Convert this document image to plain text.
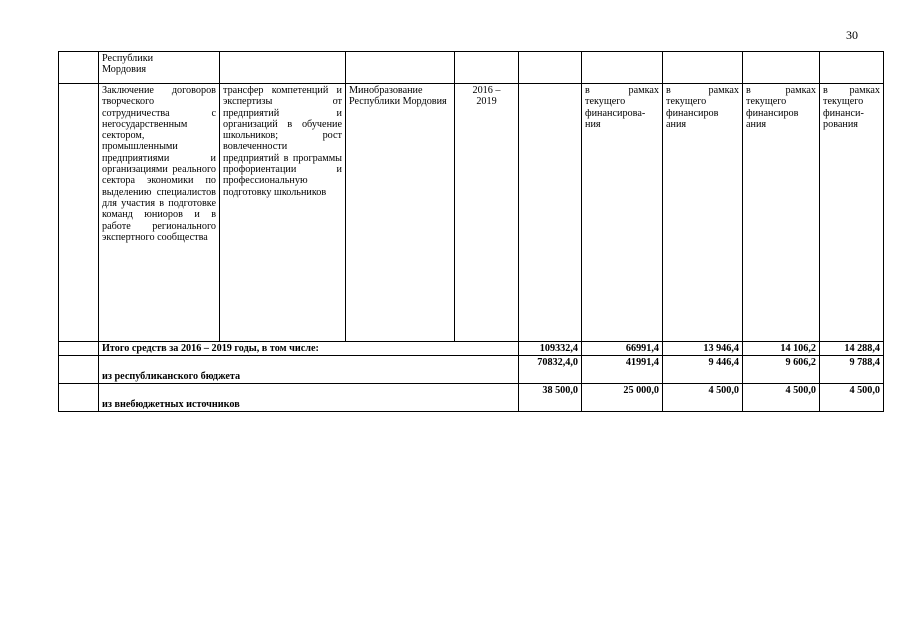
30
	Республики
Мордовия								
	Заключение договоров творческого сотрудничества с негосударственным сектором, промышленными предприятиями и организациями реального сектора экономики по выделению специалистов для участия в подготовке команд юниоров и в работе регионального экспертного сообщества	трансфер компетенций и экспертизы от предприятий и организаций в обучение школьников; рост вовлеченности предприятий в программы профориентации и профессиональную подготовку школьников	Минобразование Республики Мордовия	2016 –
2019		в рамках текущего финансирова-ния	в рамках текущего финансиров ания	в рамках текущего финансиров ания	в рамках текущего финанси-рования
	Итого средств за 2016 – 2019 годы, в том числе:				109332,4	66991,4	13 946,4	14 106,2	14 288,4
	из республиканского бюджета				70832,4,0	41991,4	9 446,4	9 606,2	9 788,4
	из внебюджетных источников				38 500,0	25 000,0	4 500,0	4 500,0	4 500,0
